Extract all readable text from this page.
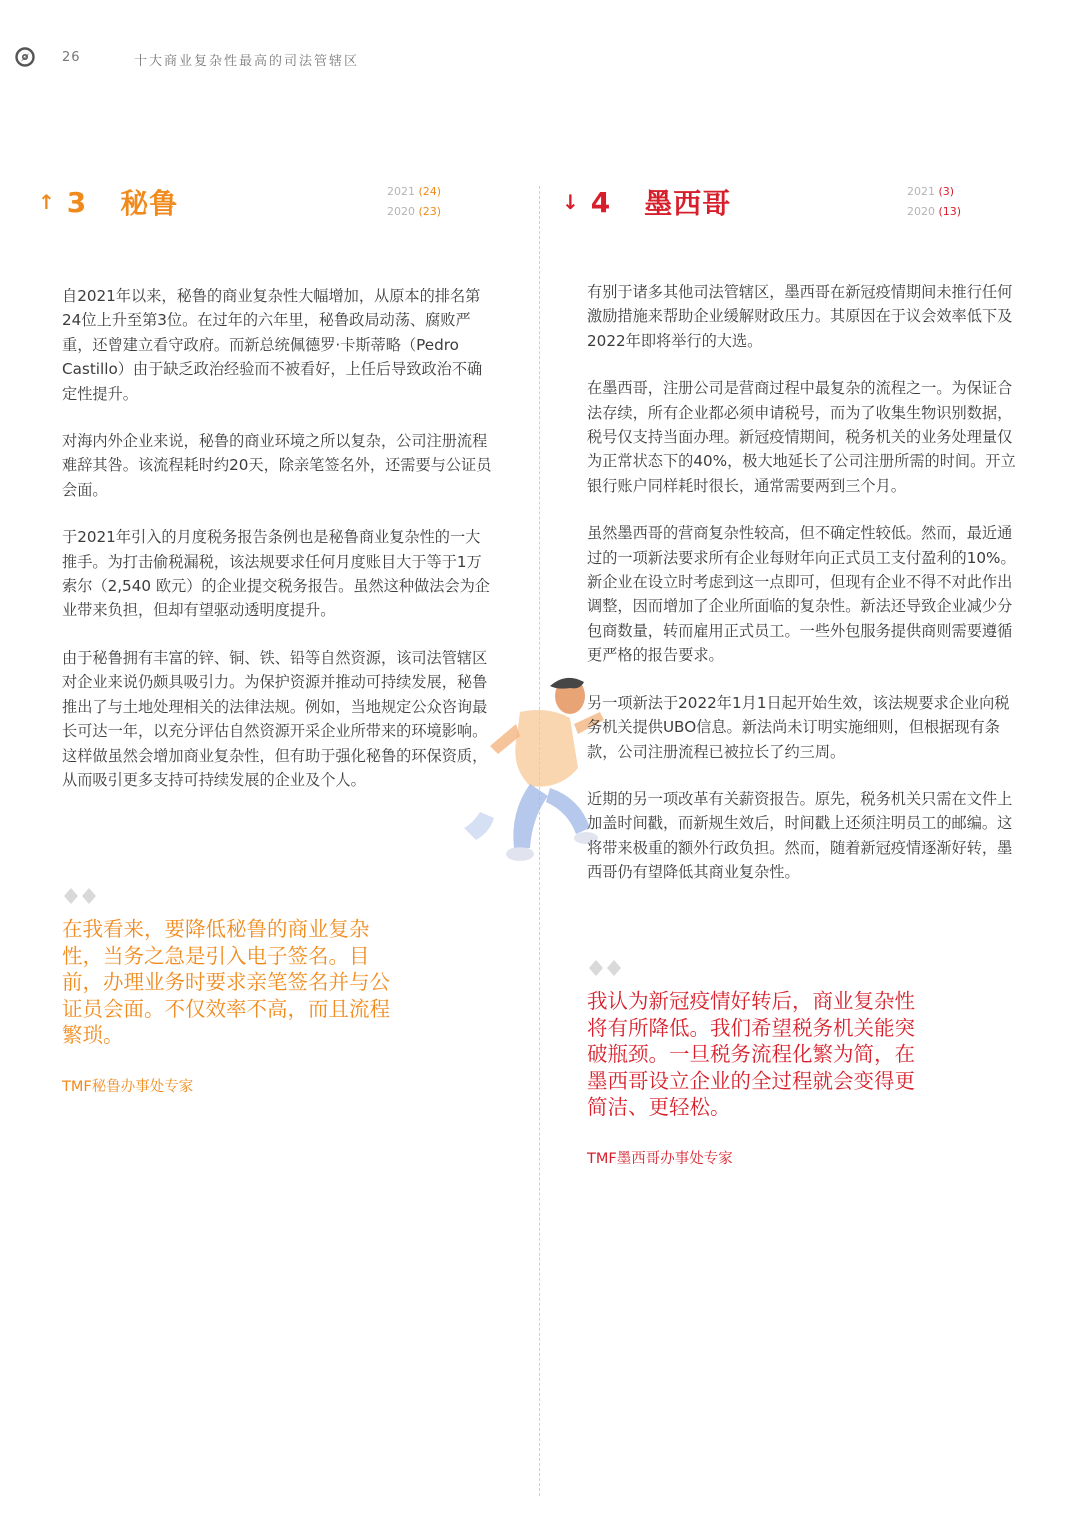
26	十大商业复杂性最高的司法管辖区
↑ 3 秘鲁	2021 (24)
2020 (23)

自2021年以来，秘鲁的商业复杂性大幅增加，从原本的排名第24位上升至第3位。在过年的六年里，秘鲁政局动荡、腐败严重，还曾建立看守政府。而新总统佩德罗·卡斯蒂略（Pedro Castillo）由于缺乏政治经验而不被看好，上任后导致政治不确定性提升。

对海内外企业来说，秘鲁的商业环境之所以复杂，公司注册流程难辞其咎。该流程耗时约20天，除亲笔签名外，还需要与公证员会面。

于2021年引入的月度税务报告条例也是秘鲁商业复杂性的一大推手。为打击偷税漏税，该法规要求任何月度账目大于等于1万索尔（2,540 欧元）的企业提交税务报告。虽然这种做法会为企业带来负担，但却有望驱动透明度提升。

由于秘鲁拥有丰富的锌、铜、铁、铅等自然资源，该司法管辖区对企业来说仍颇具吸引力。为保护资源并推动可持续发展，秘鲁推出了与土地处理相关的法律法规。例如，当地规定公众咨询最长可达一年，以充分评估自然资源开采企业所带来的环境影响。这样做虽然会增加商业复杂性，但有助于强化秘鲁的环保资质，从而吸引更多支持可持续发展的企业及个人。

在我看来，要降低秘鲁的商业复杂性，当务之急是引入电子签名。目前，办理业务时要求亲笔签名并与公证员会面。不仅效率不高，而且流程繁琐。
TMF秘鲁办事处专家
↓ 4 墨西哥	2021 (3)
2020 (13)

有别于诸多其他司法管辖区，墨西哥在新冠疫情期间未推行任何激励措施来帮助企业缓解财政压力。其原因在于议会效率低下及2022年即将举行的大选。

在墨西哥，注册公司是营商过程中最复杂的流程之一。为保证合法存续，所有企业都必须申请税号，而为了收集生物识别数据，税号仅支持当面办理。新冠疫情期间，税务机关的业务处理量仅为正常状态下的40%，极大地延长了公司注册所需的时间。开立银行账户同样耗时很长，通常需要两到三个月。

虽然墨西哥的营商复杂性较高，但不确定性较低。然而，最近通过的一项新法要求所有企业每财年向正式员工支付盈利的10%。新企业在设立时考虑到这一点即可，但现有企业不得不对此作出调整，因而增加了企业所面临的复杂性。新法还导致企业减少分包商数量，转而雇用正式员工。一些外包服务提供商则需要遵循更严格的报告要求。

另一项新法于2022年1月1日起开始生效，该法规要求企业向税务机关提供UBO信息。新法尚未订明实施细则，但根据现有条款，公司注册流程已被拉长了约三周。

近期的另一项改革有关薪资报告。原先，税务机关只需在文件上加盖时间戳，而新规生效后，时间戳上还须注明员工的邮编。这将带来极重的额外行政负担。然而，随着新冠疫情逐渐好转，墨西哥仍有望降低其商业复杂性。

我认为新冠疫情好转后，商业复杂性将有所降低。我们希望税务机关能突破瓶颈。一旦税务流程化繁为简，在墨西哥设立企业的全过程就会变得更简洁、更轻松。
TMF墨西哥办事处专家
